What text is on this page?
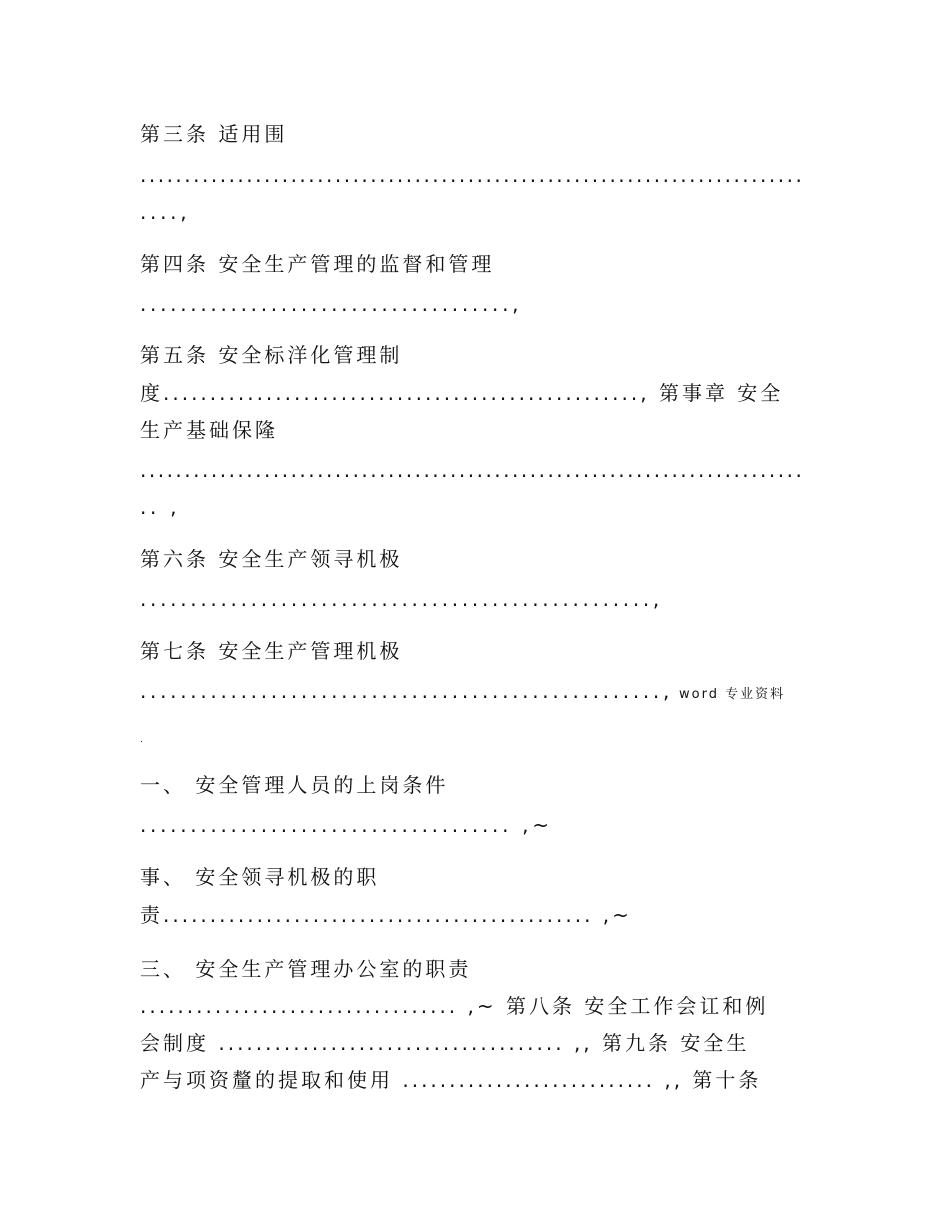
第三条 适用围
...........................................................................
....,
第四条 安全生产管理的监督和管理
.....................................,
第五条 安全标洋化管理制
度..................................................., 第事章 安全
生产基础保隆
...........................................................................
.. ,
第六条 安全生产领寻机极
...................................................,
第七条 安全生产管理机极
....................................................,
word 专业资料
.
一、 安全管理人员的上岗条件
..................................... ,~
事、 安全领寻机极的职
责.............................................. ,~
三、 安全生产管理办公室的职责
.................................. ,~ 第八条 安全工作会讧和例
会制度 ..................................... ,, 第九条 安全生
产与项资釐的提取和使用 ........................... ,, 第十条
